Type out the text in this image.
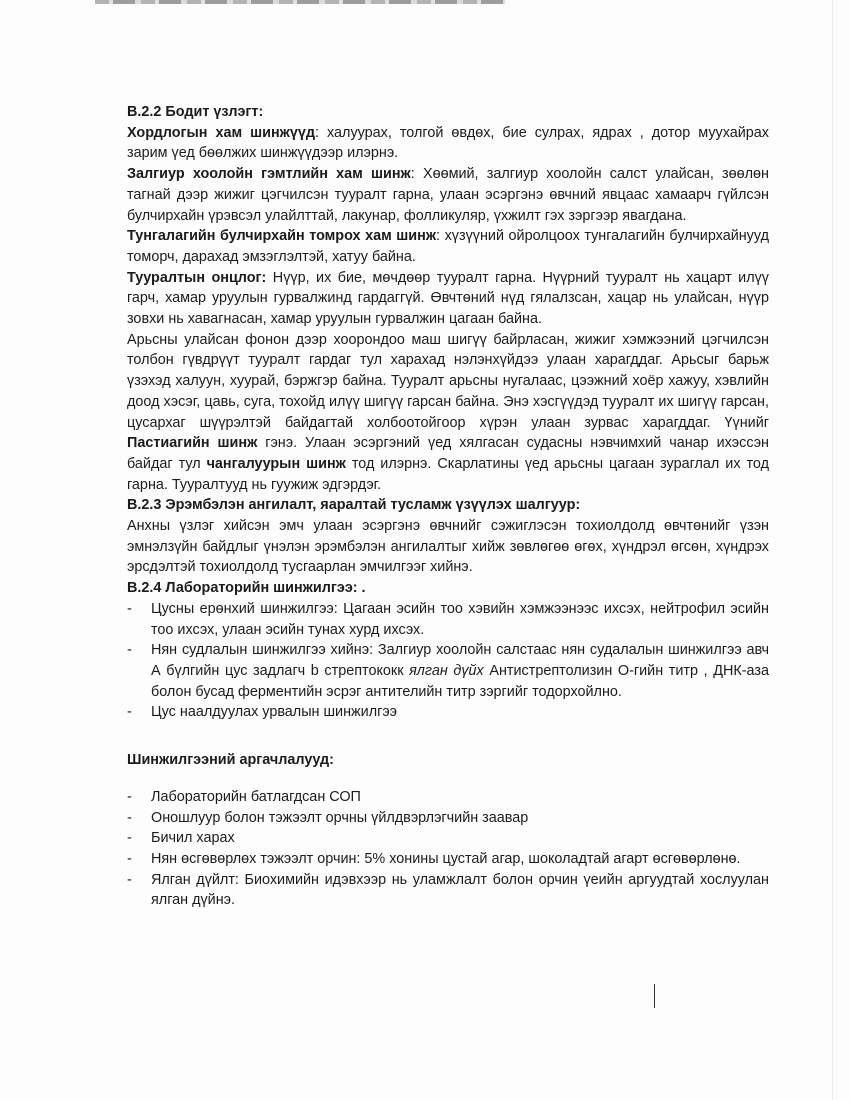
В.2.2 Бодит үзлэгт:

Хордлогын хам шинжүүд: халуурах, толгой өвдөх, бие сулрах, ядрах , дотор муухайрах зарим үед бөөлжих шинжүүдээр илэрнэ.

Залгиур хоолойн гэмтлийн хам шинж: Хөөмий, залгиур хоолойн салст улайсан, зөөлөн тагнай дээр жижиг цэгчилсэн тууралт гарна, улаан эсэргэнэ өвчний явцаас хамаарч гүйлсэн булчирхайн үрэвсэл улайлттай, лакунар, фолликуляр, үхжилт гэх зэргээр явагдана.

Тунгалагийн булчирхайн томрох хам шинж: хүзүүний ойролцоох тунгалагийн булчирхайнууд томорч, дарахад эмзэглэлтэй, хатуу байна.

Тууралтын онцлог: Нүүр, их бие, мөчдөөр тууралт гарна. Нүүрний тууралт нь хацарт илүү гарч, хамар уруулын гурвалжинд гардаггүй. Өвчтөний нүд гялалзсан, хацар нь улайсан, нүүр зовхи нь хавагнасан, хамар уруулын гурвалжин цагаан байна.

Арьсны улайсан фонон дээр хоорондоо маш шигүү байрласан, жижиг хэмжээний цэгчилсэн толбон гүвдрүүт тууралт гардаг тул харахад нэлэнхүйдээ улаан харагддаг. Арьсыг барьж үзэхэд халуун, хуурай, бэржгэр байна. Тууралт арьсны нугалаас, цээжний хоёр хажуу, хэвлийн доод хэсэг, цавь, суга, тохойд илүү шигүү гарсан байна. Энэ хэсгүүдэд тууралт их шигүү гарсан, цусархаг шүүрэлтэй байдагтай холбоотойгоор хүрэн улаан зурвас харагддаг. Үүнийг Пастиагийн шинж гэнэ. Улаан эсэргэний үед хялгасан судасны нэвчимхий чанар ихэссэн байдаг тул чангалуурын шинж тод илэрнэ. Скарлатины үед арьсны цагаан зураглал их тод гарна. Тууралтууд нь гуужиж эдгэрдэг.

В.2.3 Эрэмбэлэн ангилалт, яаралтай тусламж үзүүлэх шалгуур:

Анхны үзлэг хийсэн эмч улаан эсэргэнэ өвчнийг сэжиглэсэн тохиолдолд өвчтөнийг үзэн эмнэлзүйн байдлыг үнэлэн эрэмбэлэн ангилалтыг хийж зөвлөгөө өгөх, хүндрэл өгсөн, хүндрэх эрсдэлтэй тохиолдолд тусгаарлан эмчилгээг хийнэ.

В.2.4 Лабораторийн шинжилгээ: .

- Цусны ерөнхий шинжилгээ: Цагаан эсийн тоо хэвийн хэмжээнээс ихсэх, нейтрофил эсийн тоо ихсэх, улаан эсийн тунах хурд ихсэх.
- Нян судлалын шинжилгээ хийнэ: Залгиур хоолойн салстаас нян судалалын шинжилгээ авч А бүлгийн цус задлагч b стрептококк ялган дүйх Антистрептолизин О-гийн титр , ДНК-аза болон бусад ферментийн эсрэг антителийн титр зэргийг тодорхойлно.
- Цус наалдуулах урвалын шинжилгээ

Шинжилгээний аргачлалууд:

- Лабораторийн батлагдсан СОП
- Оношлуур болон тэжээлт орчны үйлдвэрлэгчийн заавар
- Бичил харах
- Нян өсгөвөрлөх тэжээлт орчин: 5% хонины цустай агар, шоколадтай агарт өсгөвөрлөнө.
- Ялган дүйлт: Биохимийн идэвхээр нь уламжлалт болон орчин үеийн аргуудтай хослуулан ялган дүйнэ.
